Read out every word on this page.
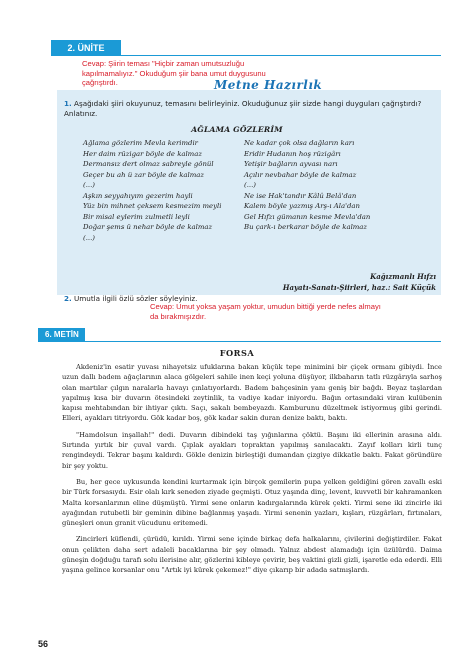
2. ÜNİTE
Metne Hazırlık
Cevap: Şiirin teması "Hiçbir zaman umutsuzluğu kapılmamalıyız." Okuduğum şiir bana umut duygusunu çağrıştırdı.
1. Aşağıdaki şiiri okuyunuz, temasını belirleyiniz. Okuduğunuz şiir sizde hangi duyguları çağrıştırdı? Anlatınız.
AĞLAMA GÖZLERİM
Ağlama gözlerim Mevla kerimdir
Her daim rüzigar böyle de kalmaz
Dermansız dert olmaz sabreyle gönül
Geçer bu ah ü zar böyle de kalmaz
(...)
Aşkın seyyahıyım gezerim hayli
Yüz bin mihnet çeksem kesmezim meyli
Bir misal eylerim zulmetli leyli
Doğar şems ü nehar böyle de kalmaz
(...)
Ne kadar çok olsa dağların karı
Eridir Hudanın hoş rüzigârı
Yetişir bağların ayvası narı
Açılır nevbahar böyle de kalmaz
(...)
Ne ise Hak'tandır Kâlû Belâ'dan
Kalem böyle yazmış Arş-ı Ala'dan
Gel Hıfzı gümanın kesme Mevla'dan
Bu çark-ı berkarar böyle de kalmaz
Kağızmanlı Hıfzı
Hayatı-Sanatı-Şiirleri, haz.: Sait Küçük
2. Umutla ilgili özlü sözler söyleyiniz.
Cevap: Umut yoksa yaşam yoktur, umudun bittiği yerde nefes almayı da bırakmışızdır.
6. METİN
FORSA

Akdeniz'in esatir yuvası nihayetsiz ufuklarına bakan küçük tepe minimini bir çiçek ormanı gibiydi. İnce uzun dallı badem ağaçlarının alaca gölgeleri sahile inen keçi yoluna düşüyor, ilkbaharın tatlı rüzgârıyla sarhoş olan martılar çılgın naralarla havayı çınlatıyorlardı. Badem bahçesinin yanı geniş bir bağdı. Beyaz taşlardan yapılmış kısa bir duvarın ötesindeki zeytinlik, ta vadiye kadar iniyordu. Bağın ortasındaki viran kulübenin kapısı mehtabından bir ihtiyar çıktı. Saçı, sakalı bembeyazdı. Kamburunu düzeltmek istiyormuş gibi gerindi. Elleri, ayakları titriyordu. Gök kadar boş, gök kadar sakin duran denize baktı, baktı.

"Hamdolsun inşallah!" dedi. Duvarın dibindeki taş yığınlarına çöktü. Başını iki ellerinin arasına aldı. Sırtında yırtık bir çuval vardı. Çıplak ayakları topraktan yapılmış sanılacaktı. Zayıf kolları kirli tunç rengindeydi. Tekrar başını kaldırdı. Gökle denizin birleştiği dumandan çizgiye dikkatle baktı. Fakat göründüre bir şey yoktu.

Bu, her gece uykusunda kendini kurtarmak için birçok gemilerin pupa yelken geldiğini gören zavallı eski bir Türk forsasıydı. Esir olalı kırk seneden ziyade geçmişti. Otuz yaşında dinç, levent, kuvvetli bir kahramanken Malta korsanlarının eline düşmüştü. Yirmi sene onların kadırgalarında kürek çekti. Yirmi sene iki zincirle iki ayağından rutubetli bir geminin dibine bağlanmış yaşadı. Yirmi senenin yazları, kışları, rüzgârları, fırtınaları, güneşleri onun granit vücudunu eritemedi.

Zincirleri küflendi, çürüdü, kırıldı. Yirmi sene içinde birkaç defa halkalarını, çivilerini değiştirdiler. Fakat onun çelikten daha sert adaleli bacaklarına bir şey olmadı. Yalnız abdest alamadığı için üzülürdü. Daima güneşin doğduğu tarafı solu ilerisine alır, gözlerini kibleye çevirir, beş vaktini gizli gizli, işaretle eda ederdi. Elli yaşına gelince korsanlar onu "Artık iyi kürek çekemez!" diye çıkarıp bir adada satmışlardı.

56
